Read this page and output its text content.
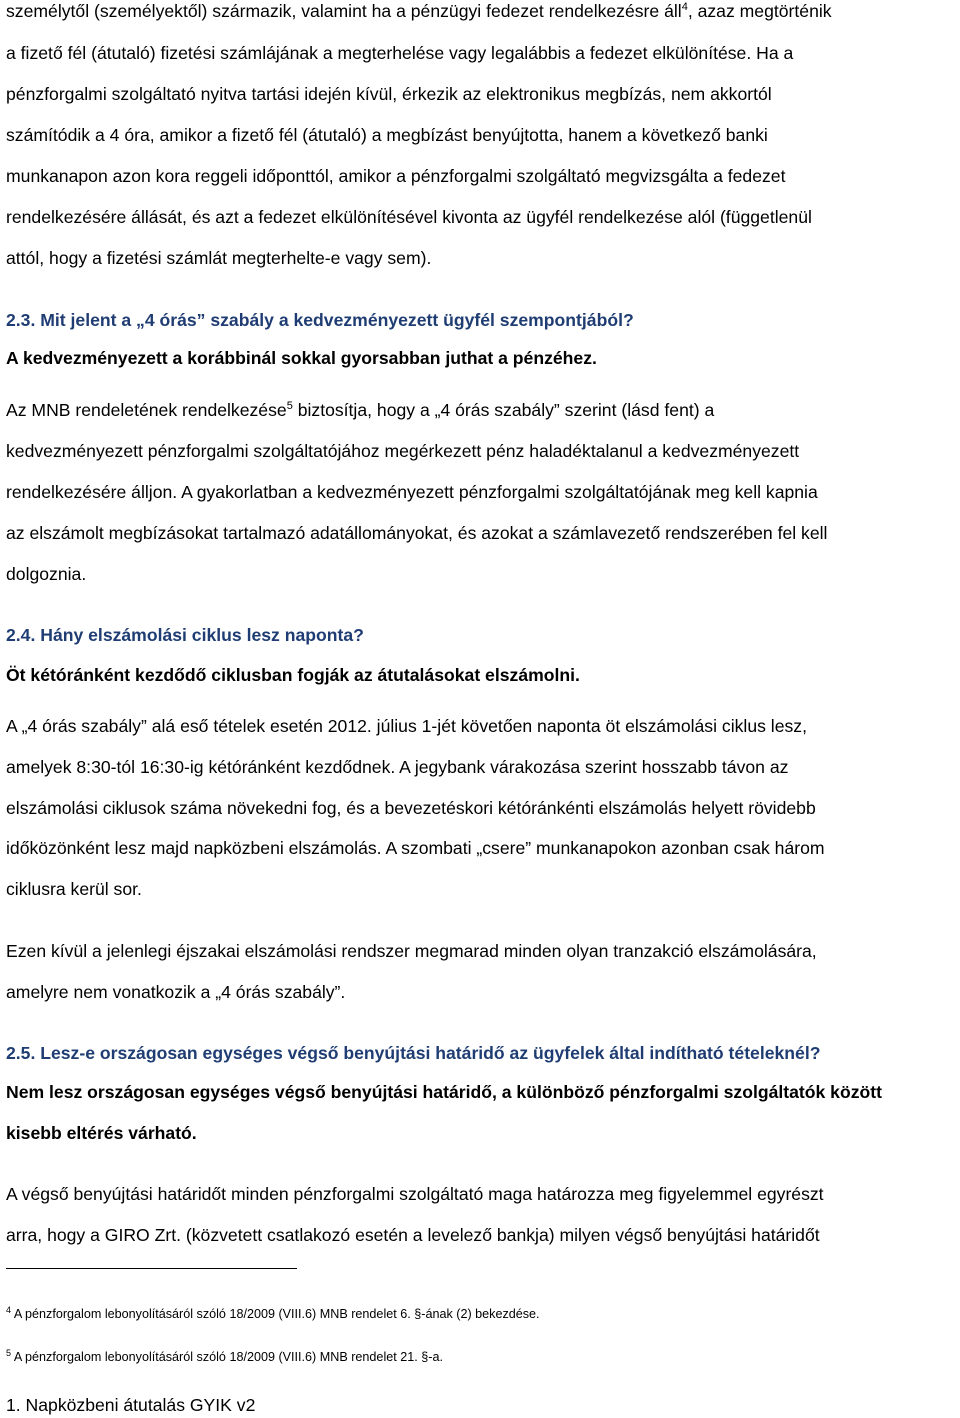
személytől (személyektől) származik, valamint ha a pénzügyi fedezet rendelkezésre áll$^4$, azaz megtörténik
a fizető fél (átutaló) fizetési számlájának a megterhelése vagy legalábbis a fedezet elkülönítése. Ha a
pénzforgalmi szolgáltató nyitva tartási idején kívül, érkezik az elektronikus megbízás, nem akkortól
számítódik a 4 óra, amikor a fizető fél (átutaló) a megbízást benyújtotta, hanem a következő banki
munkanapon azon kora reggeli időponttól, amikor a pénzforgalmi szolgáltató megvizsgálta a fedezet
rendelkezésére állását, és azt a fedezet elkülönítésével kivonta az ügyfél rendelkezése alól (függetlenül
attól, hogy a fizetési számlát megterhelte-e vagy sem).
2.3. Mit jelent a „4 órás” szabály a kedvezményezett ügyfél szempontjából?
A kedvezményezett a korábbinál sokkal gyorsabban juthat a pénzéhez.
Az MNB rendeletének rendelkezése$^5$ biztosítja, hogy a „4 órás szabály” szerint (lásd fent) a
kedvezményezett pénzforgalmi szolgáltatójához megérkezett pénz haladéktalanul a kedvezményezett
rendelkezésére álljon. A gyakorlatban a kedvezményezett pénzforgalmi szolgáltatójának meg kell kapnia
az elszámolt megbízásokat tartalmazó adatállományokat, és azokat a számlavezető rendszerében fel kell
dolgoznia.
2.4. Hány elszámolási ciklus lesz naponta?
Öt kétóránként kezdődő ciklusban fogják az átutalásokat elszámolni.
A „4 órás szabály” alá eső tételek esetén 2012. július 1-jét követően naponta öt elszámolási ciklus lesz,
amelyek 8:30-tól 16:30-ig kétóránként kezdődnek. A jegybank várakozása szerint hosszabb távon az
elszámolási ciklusok száma növekedni fog, és a bevezetéskori kétóránkénti elszámolás helyett rövidebb
időközönként lesz majd napközbeni elszámolás. A szombati „csere” munkanapokon azonban csak három
ciklusra kerül sor.
Ezen kívül a jelenlegi éjszakai elszámolási rendszer megmarad minden olyan tranzakció elszámolására,
amelyre nem vonatkozik a „4 órás szabály”.
2.5. Lesz-e országosan egységes végső benyújtási határidő az ügyfelek által indítható tételeknél?
Nem lesz országosan egységes végső benyújtási határidő, a különböző pénzforgalmi szolgáltatók között
kisebb eltérés várható.
A végső benyújtási határidőt minden pénzforgalmi szolgáltató maga határozza meg figyelemmel egyrészt
arra, hogy a GIRO Zrt. (közvetett csatlakozó esetén a levelező bankja) milyen végső benyújtási határidőt
$^4$ A pénzforgalom lebonyolításáról szóló 18/2009 (VIII.6) MNB rendelet 6. §-ának (2) bekezdése.
$^5$ A pénzforgalom lebonyolításáról szóló 18/2009 (VIII.6) MNB rendelet 21. §-a.
1. Napközbeni átutalás GYIK v2
